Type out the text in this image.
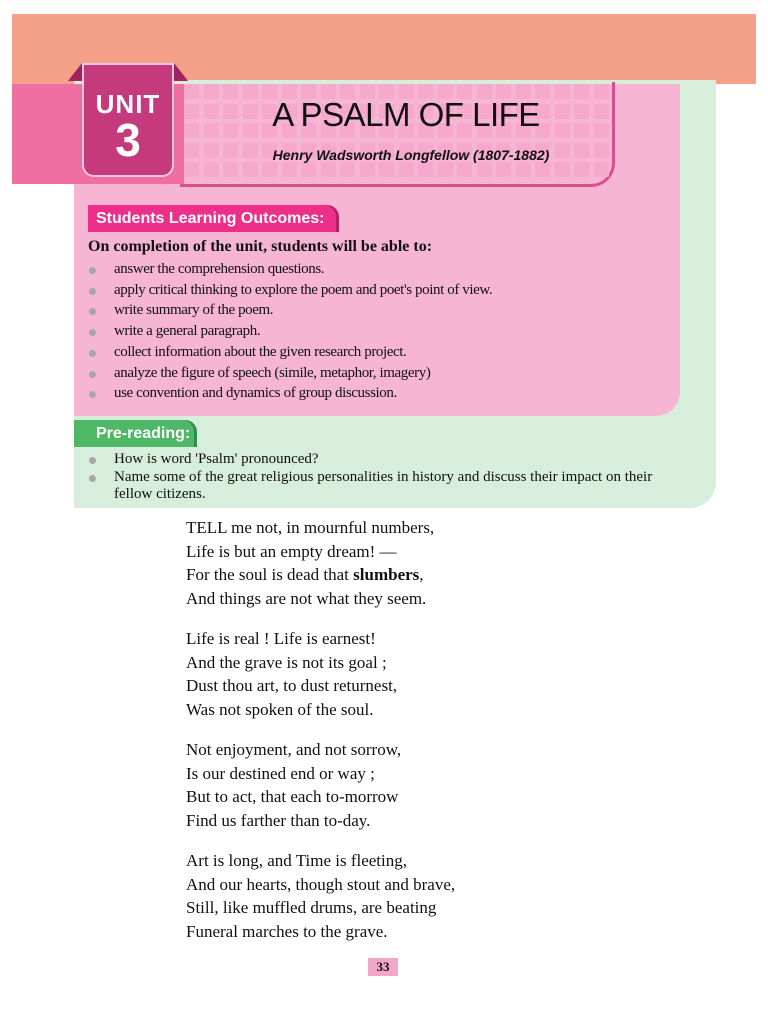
UNIT
3	A PSALM OF LIFE
Henry Wadsworth Longfellow (1807-1882)
Students Learning Outcomes:
On completion of the unit, students will be able to:
answer the comprehension questions.
apply critical thinking to explore the poem and poet's point of view.
write summary of the poem.
write a general paragraph.
collect information about the given research project.
analyze the figure of speech (simile, metaphor, imagery)
use convention and dynamics of group discussion.
Pre-reading:
How is word 'Psalm' pronounced?
Name some of the great religious personalities in history and discuss their impact on their fellow citizens.
TELL me not, in mournful numbers,
Life is but an empty dream! —
For the soul is dead that slumbers,
And things are not what they seem.
Life is real ! Life is earnest!
And the grave is not its goal ;
Dust thou art, to dust returnest,
Was not spoken of the soul.
Not enjoyment, and not sorrow,
Is our destined end or way ;
But to act, that each to-morrow
Find us farther than to-day.
Art is long, and Time is fleeting,
And our hearts, though stout and brave,
Still, like muffled drums, are beating
Funeral marches to the grave.
33
